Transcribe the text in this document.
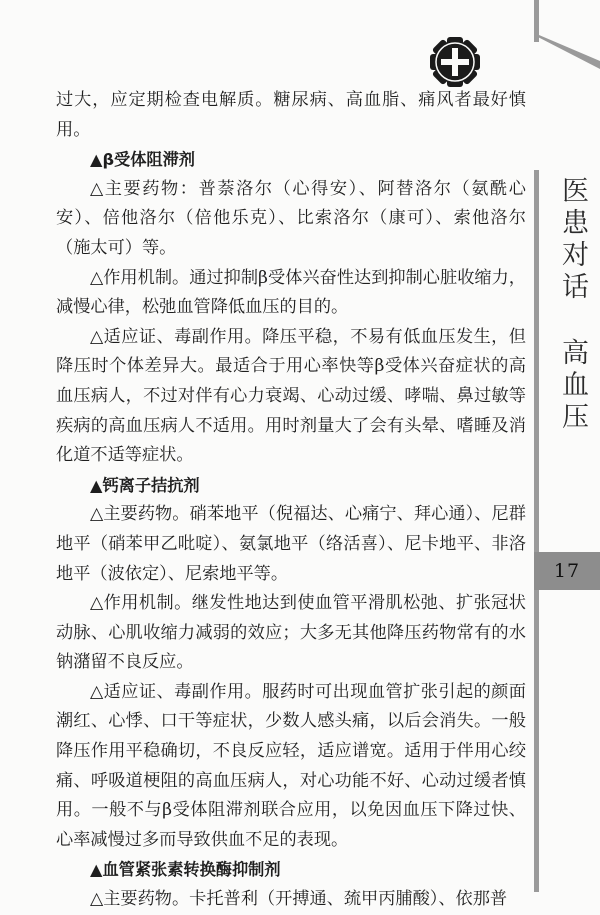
医患对话高血压
17

过大，应定期检查电解质。糖尿病、高血脂、痛风者最好慎用。

▲β受体阻滞剂

△主要药物：普萘洛尔（心得安）、阿替洛尔（氨酰心安）、倍他洛尔（倍他乐克）、比索洛尔（康可）、索他洛尔（施太可）等。

△作用机制。通过抑制β受体兴奋性达到抑制心脏收缩力，减慢心律，松弛血管降低血压的目的。

△适应证、毒副作用。降压平稳，不易有低血压发生，但降压时个体差异大。最适合于用心率快等β受体兴奋症状的高血压病人，不过对伴有心力衰竭、心动过缓、哮喘、鼻过敏等疾病的高血压病人不适用。用时剂量大了会有头晕、嗜睡及消化道不适等症状。

▲钙离子拮抗剂

△主要药物。硝苯地平（倪福达、心痛宁、拜心通）、尼群地平（硝苯甲乙吡啶）、氨氯地平（络活喜）、尼卡地平、非洛地平（波依定）、尼索地平等。

△作用机制。继发性地达到使血管平滑肌松弛、扩张冠状动脉、心肌收缩力减弱的效应；大多无其他降压药物常有的水钠潴留不良反应。

△适应证、毒副作用。服药时可出现血管扩张引起的颜面潮红、心悸、口干等症状，少数人感头痛，以后会消失。一般降压作用平稳确切，不良反应轻，适应谱宽。适用于伴用心绞痛、呼吸道梗阻的高血压病人，对心功能不好、心动过缓者慎用。一般不与β受体阻滞剂联合应用，以免因血压下降过快、心率减慢过多而导致供血不足的表现。

▲血管紧张素转换酶抑制剂

△主要药物。卡托普利（开搏通、巯甲丙脯酸）、依那普
